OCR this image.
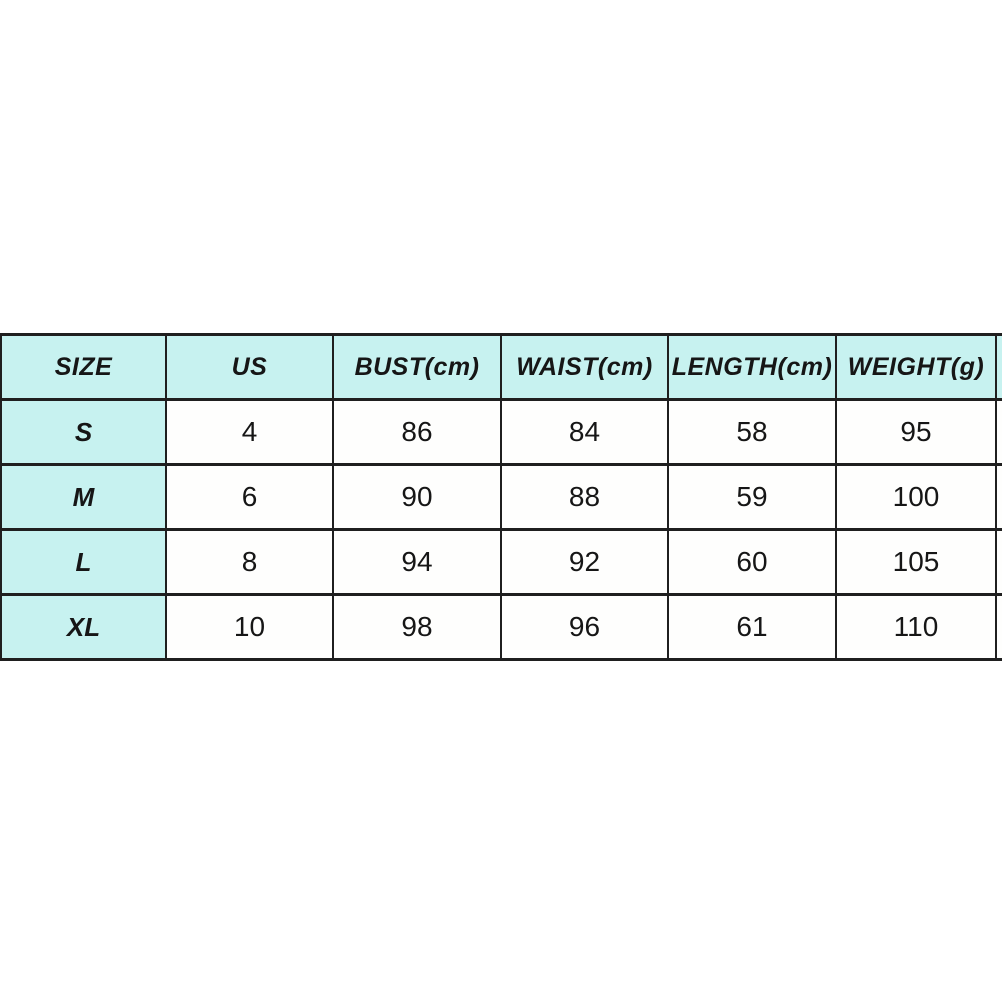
SIZE	US	BUST(cm)	WAIST(cm)	LENGTH(cm)	WEIGHT(g)	
S	4	86	84	58	95	
M	6	90	88	59	100	
L	8	94	92	60	105	
XL	10	98	96	61	110	
